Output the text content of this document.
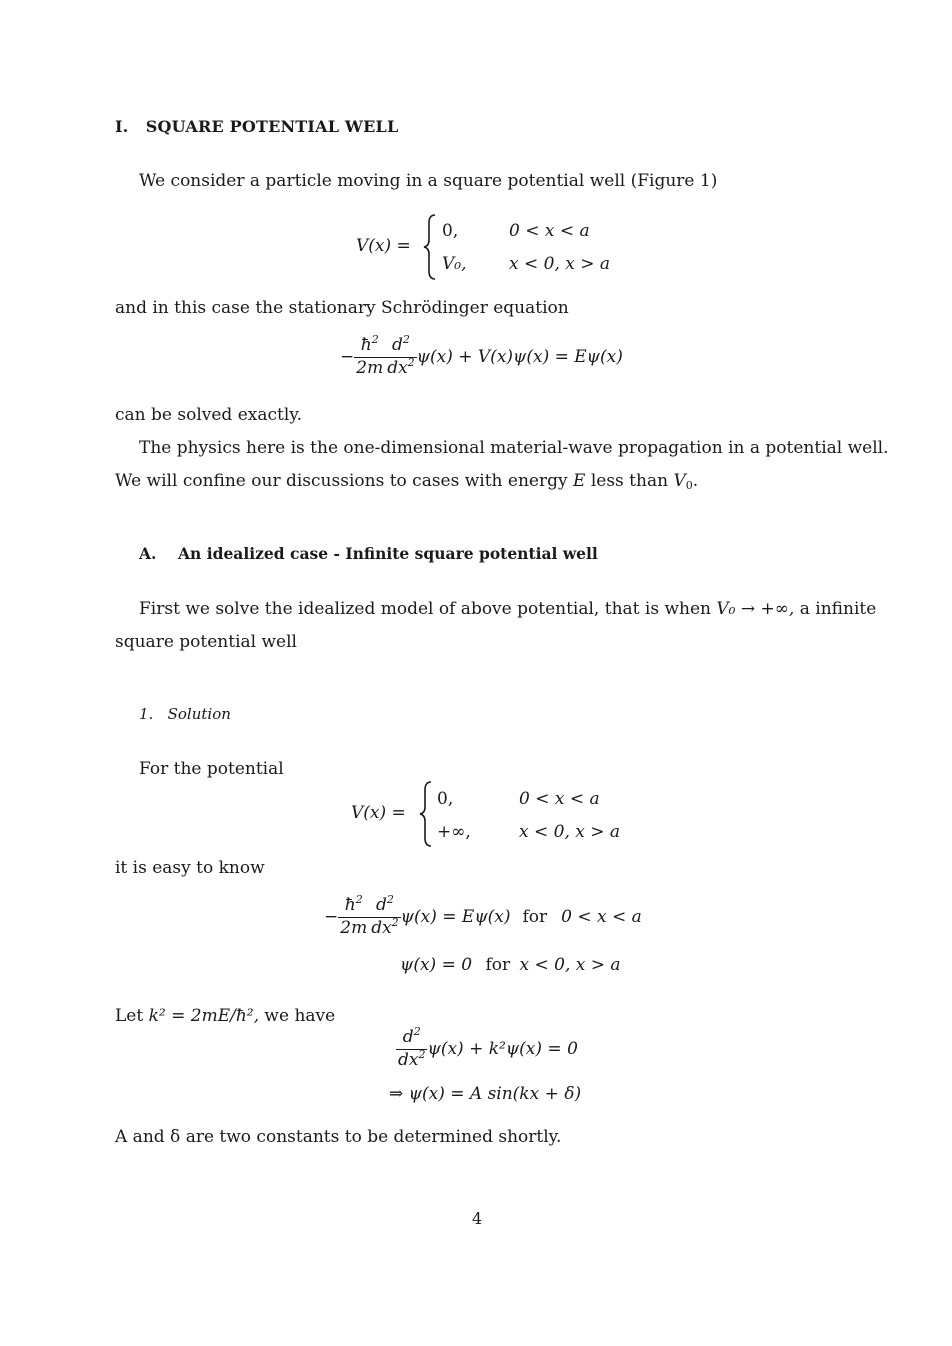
I. SQUARE POTENTIAL WELL
We consider a particle moving in a square potential well (Figure 1)
V(x) =
0,	0 < x < a
V₀,	x < 0, x > a
and in this case the stationary Schrödinger equation
− $\frac{ħ^2}{2m} \frac{d^2}{dx^2} \psi(x) + V(x)\psi(x) = E\psi(x)$
can be solved exactly.
The physics here is the one-dimensional material-wave propagation in a potential well.
We will confine our discussions to cases with energy E less than $V_0$.
A. An idealized case - Infinite square potential well
First we solve the idealized model of above potential, that is when V₀ → +∞, a infinite
square potential well
1. Solution
For the potential
V(x) =
0,	0 < x < a
+∞,	x < 0, x > a
it is easy to know
− $\frac{ħ^2}{2m} \frac{d^2}{dx^2} \psi(x) = E\psi(x)$ for 0 < x < a
ψ(x) = 0 for x < 0, x > a
Let k² = 2mE/ħ², we have
$\frac{d^2}{dx^2} \psi(x) + k^2\psi(x) = 0$
⇒ ψ(x) = A sin(kx + δ)
A and δ are two constants to be determined shortly.
4
